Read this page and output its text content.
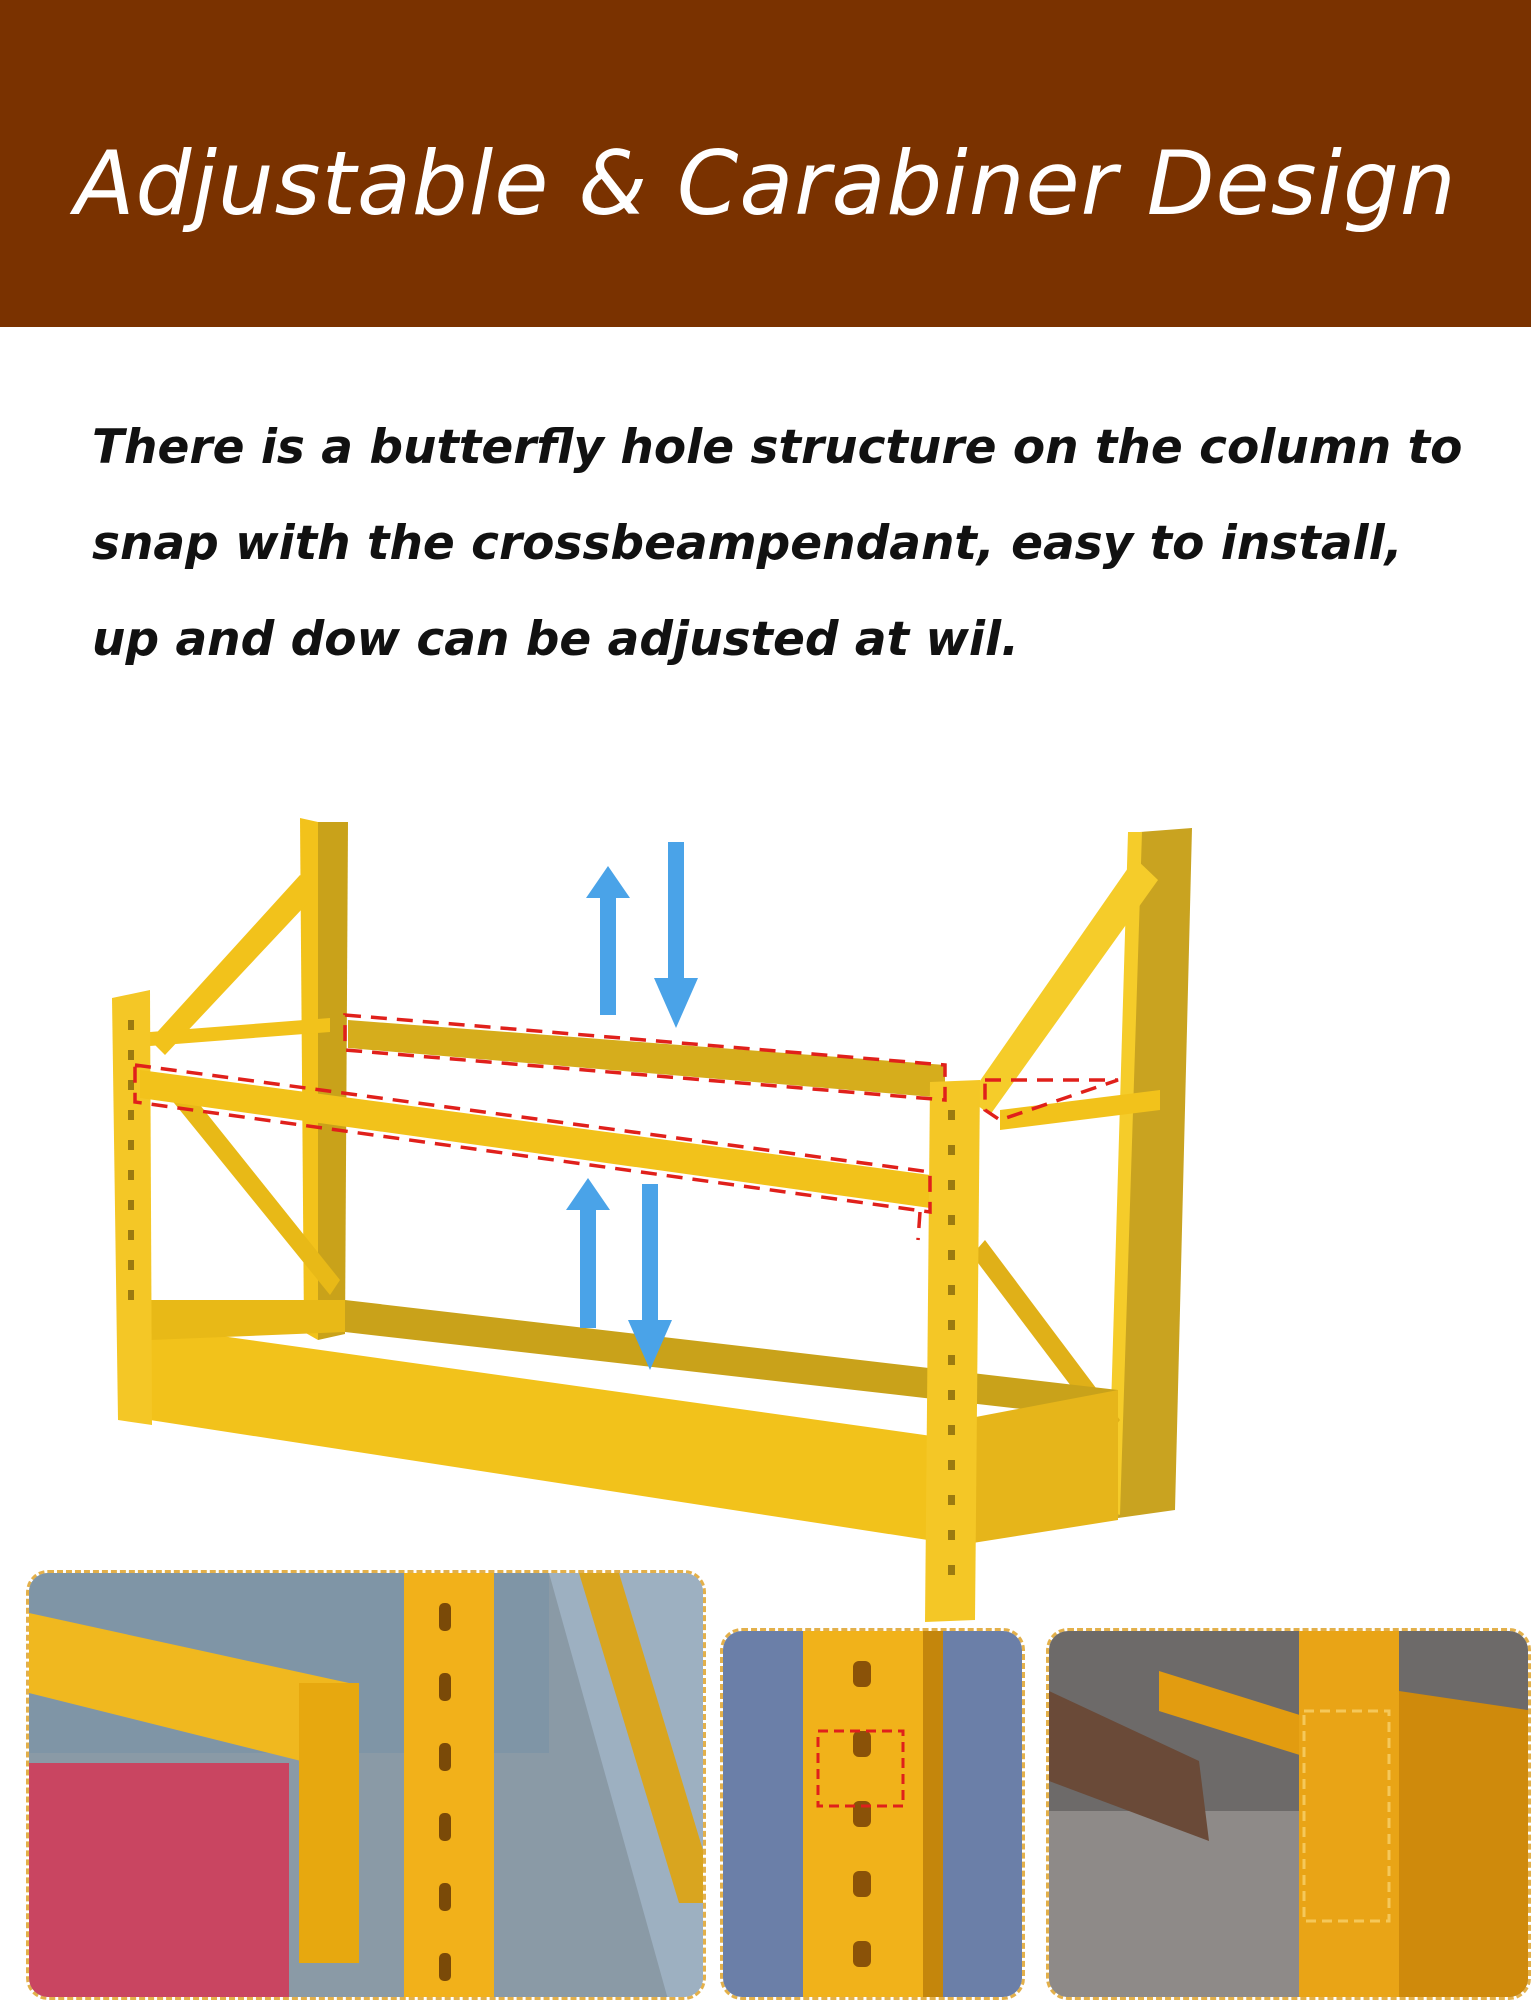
Adjustable & Carabiner Design
There is a butterfly hole structure on the column to
snap with the crossbeampendant, easy to install,
up and dow can be adjusted at wil.
